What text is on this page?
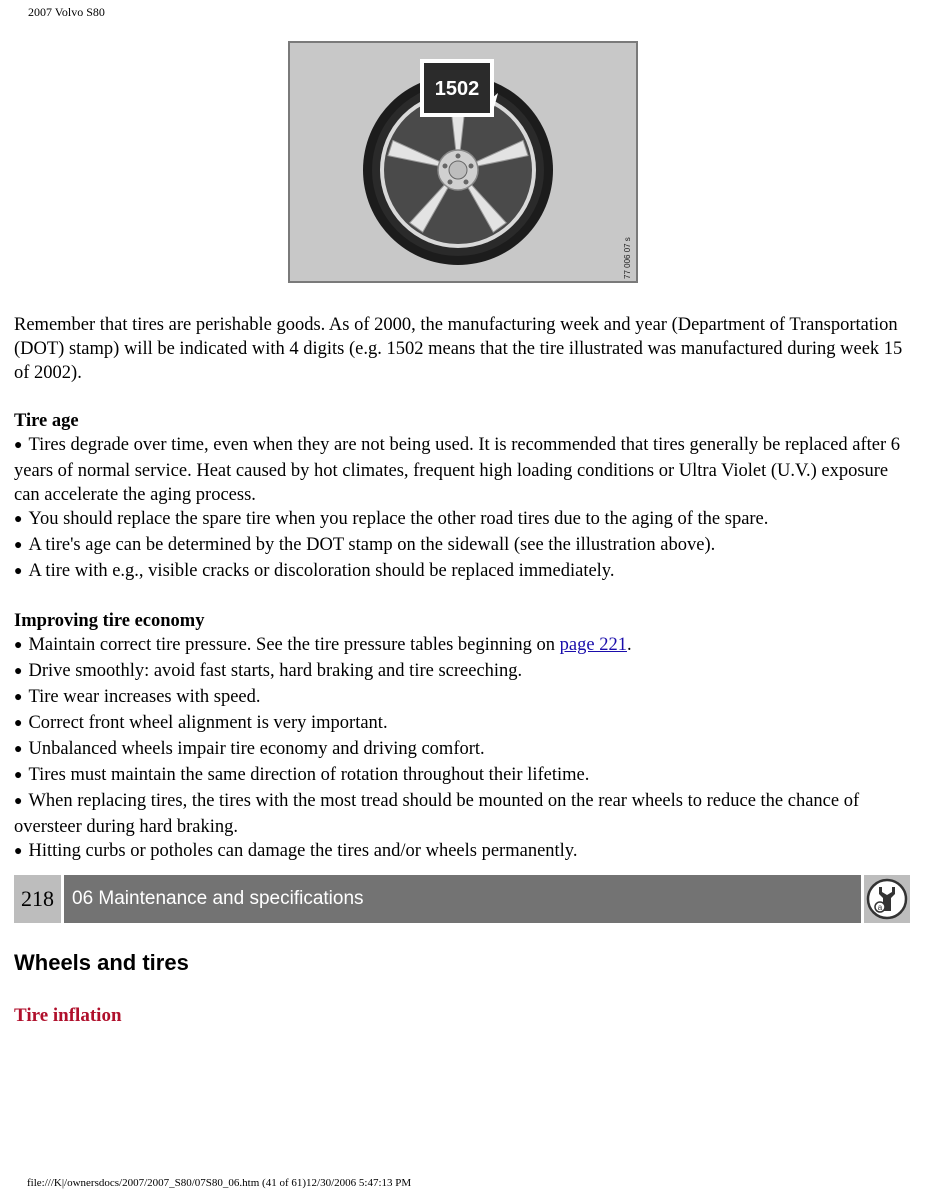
2007 Volvo S80
1502
77 006 07 s

Remember that tires are perishable goods. As of 2000, the manufacturing week and year (Department of Transportation (DOT) stamp) will be indicated with 4 digits (e.g. 1502 means that the tire illustrated was manufactured during week 15 of 2002).

Tire age

● Tires degrade over time, even when they are not being used. It is recommended that tires generally be replaced after 6 years of normal service. Heat caused by hot climates, frequent high loading conditions or Ultra Violet (U.V.) exposure can accelerate the aging process.
● You should replace the spare tire when you replace the other road tires due to the aging of the spare.
● A tire's age can be determined by the DOT stamp on the sidewall (see the illustration above).
● A tire with e.g., visible cracks or discoloration should be replaced immediately.

Improving tire economy

● Maintain correct tire pressure. See the tire pressure tables beginning on page 221.
● Drive smoothly: avoid fast starts, hard braking and tire screeching.
● Tire wear increases with speed.
● Correct front wheel alignment is very important.
● Unbalanced wheels impair tire economy and driving comfort.
● Tires must maintain the same direction of rotation throughout their lifetime.
● When replacing tires, the tires with the most tread should be mounted on the rear wheels to reduce the chance of oversteer during hard braking.
● Hitting curbs or potholes can damage the tires and/or wheels permanently.
218 06 Maintenance and specifications	a
Wheels and tires
Tire inflation
file:///K|/ownersdocs/2007/2007_S80/07S80_06.htm (41 of 61)12/30/2006 5:47:13 PM
